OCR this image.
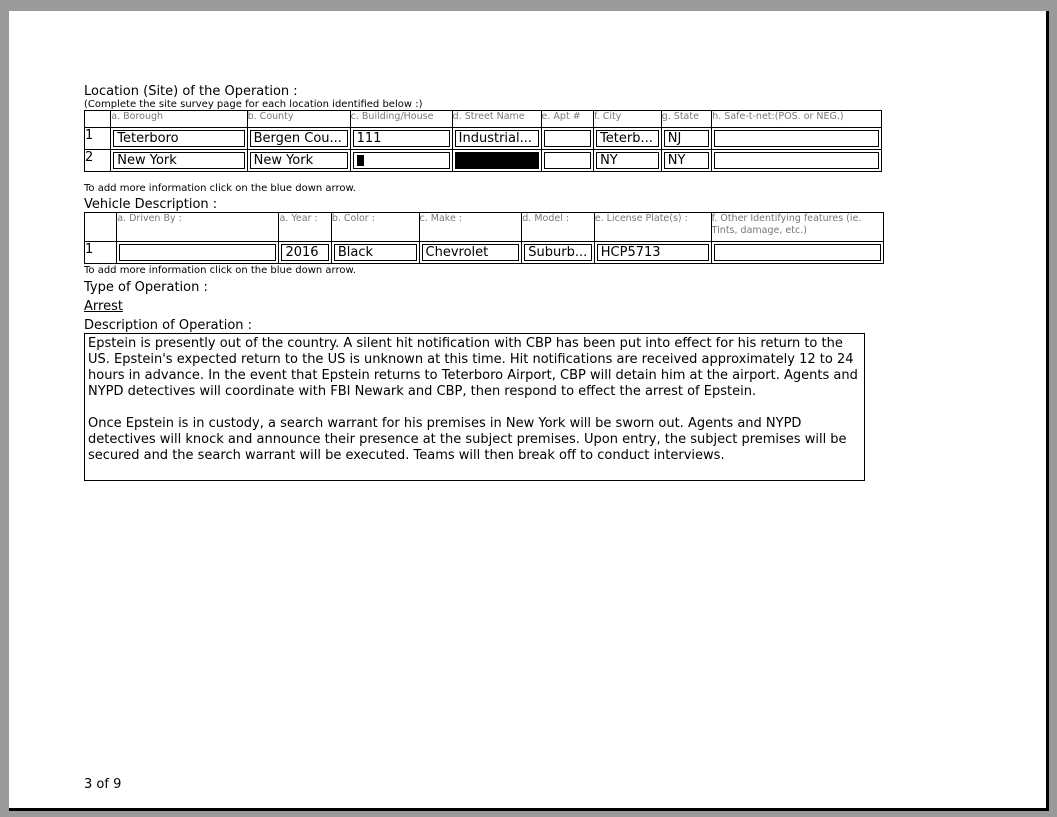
Location (Site) of the Operation :
(Complete the site survey page for each location identified below :)
	a. Borough	b. County	c. Building/House	d. Street Name	e. Apt #	f. City	g. State	h. Safe-t-net:(POS. or NEG.)
1	Teterboro	Bergen Cou...	111	Industrial...		Teterb...	NJ	

2	New York	New York				NY	NY	

To add more information click on the blue down arrow.
Vehicle Description :
	a. Driven By :	a. Year :	b. Color :	c. Make :	d. Model :	e. License Plate(s) :	f. Other Identifying features (ie. Tints, damage, etc.)
1		2016	Black	Chevrolet	Suburb...	HCP5713	

To add more information click on the blue down arrow.
Type of Operation :
Arrest
Description of Operation :

Epstein is presently out of the country. A silent hit notification with CBP has been put into effect for his return to the US. Epstein's expected return to the US is unknown at this time. Hit notifications are received approximately 12 to 24 hours in advance. In the event that Epstein returns to Teterboro Airport, CBP will detain him at the airport. Agents and NYPD detectives will coordinate with FBI Newark and CBP, then respond to effect the arrest of Epstein.

Once Epstein is in custody, a search warrant for his premises in New York will be sworn out. Agents and NYPD detectives will knock and announce their presence at the subject premises. Upon entry, the subject premises will be secured and the search warrant will be executed. Teams will then break off to conduct interviews.

3 of 9
